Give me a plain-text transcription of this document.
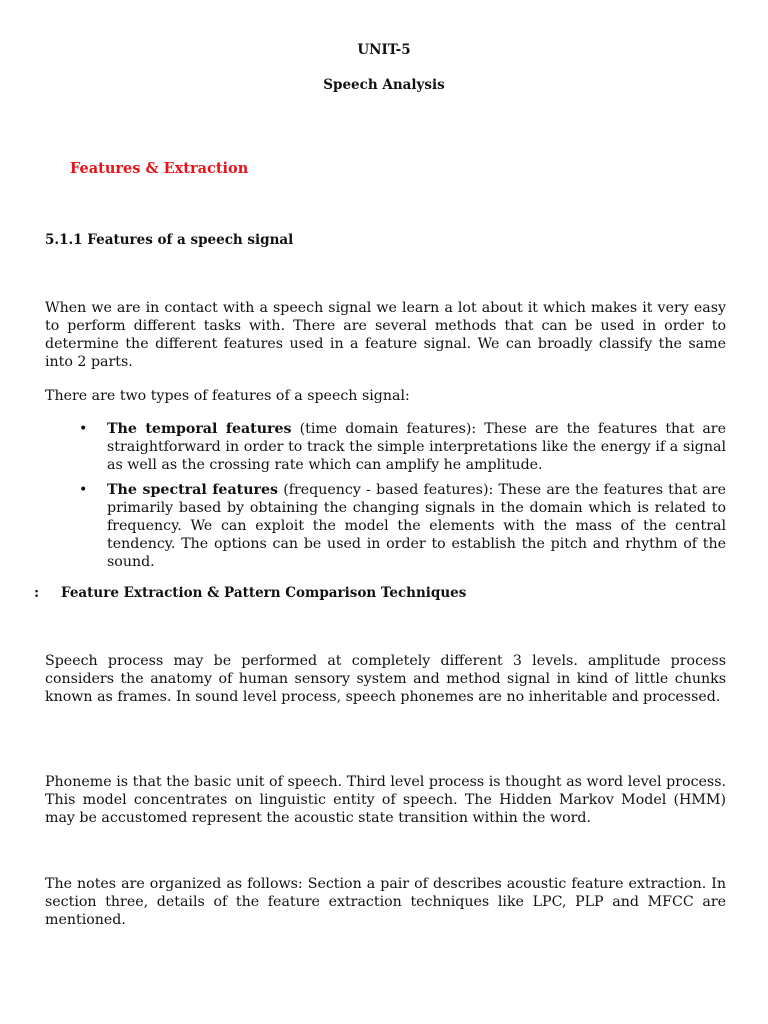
UNIT-5
Speech Analysis
Features & Extraction
5.1.1 Features of a speech signal

When we are in contact with a speech signal we learn a lot about it which makes it very easy to perform different tasks with. There are several methods that can be used in order to determine the different features used in a feature signal. We can broadly classify the same into 2 parts.

There are two types of features of a speech signal:

• The temporal features (time domain features): These are the features that are straightforward in order to track the simple interpretations like the energy if a signal as well as the crossing rate which can amplify he amplitude.
• The spectral features (frequency - based features): These are the features that are primarily based by obtaining the changing signals in the domain which is related to frequency. We can exploit the model the elements with the mass of the central tendency. The options can be used in order to establish the pitch and rhythm of the sound.
: Feature Extraction & Pattern Comparison Techniques

Speech process may be performed at completely different 3 levels. amplitude process considers the anatomy of human sensory system and method signal in kind of little chunks known as frames. In sound level process, speech phonemes are no inheritable and processed.

Phoneme is that the basic unit of speech. Third level process is thought as word level process. This model concentrates on linguistic entity of speech. The Hidden Markov Model (HMM) may be accustomed represent the acoustic state transition within the word.

The notes are organized as follows: Section a pair of describes acoustic feature extraction. In section three, details of the feature extraction techniques like LPC, PLP and MFCC are mentioned.
